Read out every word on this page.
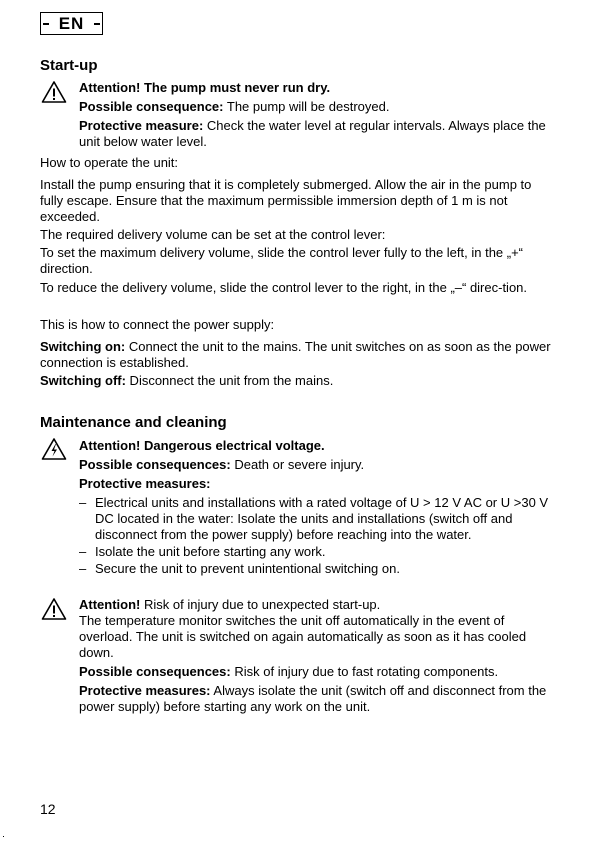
EN
Start-up
Attention! The pump must never run dry.
Possible consequence: The pump will be destroyed.
Protective measure: Check the water level at regular intervals. Always place the unit below water level.
How to operate the unit:
Install the pump ensuring that it is completely submerged. Allow the air in the pump to fully escape. Ensure that the maximum permissible immersion depth of 1 m is not exceeded.
The required delivery volume can be set at the control lever:
To set the maximum delivery volume, slide the control lever fully to the left, in the „+“ direction.
To reduce the delivery volume, slide the control lever to the right, in the „–“ direc-tion.
This is how to connect the power supply:
Switching on: Connect the unit to the mains. The unit switches on as soon as the power connection is established.
Switching off: Disconnect the unit from the mains.
Maintenance and cleaning
Attention! Dangerous electrical voltage.
Possible consequences: Death or severe injury.
Protective measures:
– Electrical units and installations with a rated voltage of U > 12 V AC or U >30 V DC located in the water: Isolate the units and installations (switch off and disconnect from the power supply) before reaching into the water.
– Isolate the unit before starting any work.
– Secure the unit to prevent unintentional switching on.
Attention! Risk of injury due to unexpected start-up.
The temperature monitor switches the unit off automatically in the event of overload. The unit is switched on again automatically as soon as it has cooled down.
Possible consequences: Risk of injury due to fast rotating components.
Protective measures: Always isolate the unit (switch off and disconnect from the power supply) before starting any work on the unit.
12
